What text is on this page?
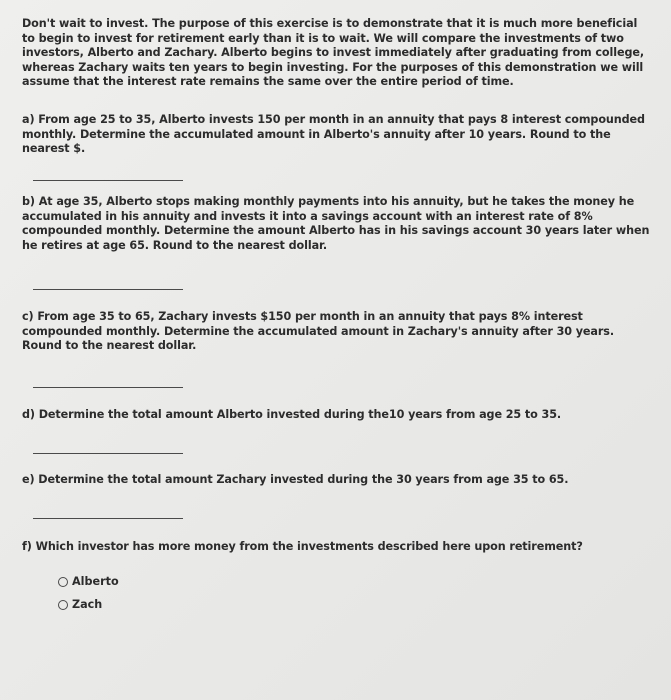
Don't wait to invest. The purpose of this exercise is to demonstrate that it is much more beneficial to begin to invest for retirement early than it is to wait. We will compare the investments of two investors, Alberto and Zachary. Alberto begins to invest immediately after graduating from college, whereas Zachary waits ten years to begin investing. For the purposes of this demonstration we will assume that the interest rate remains the same over the entire period of time.
a) From age 25 to 35, Alberto invests 150 per month in an annuity that pays 8 interest compounded monthly. Determine the accumulated amount in Alberto's annuity after 10 years. Round to the nearest $.
b) At age 35, Alberto stops making monthly payments into his annuity, but he takes the money he accumulated in his annuity and invests it into a savings account with an interest rate of 8% compounded monthly. Determine the amount Alberto has in his savings account 30 years later when he retires at age 65. Round to the nearest dollar.
c) From age 35 to 65, Zachary invests $150 per month in an annuity that pays 8% interest compounded monthly. Determine the accumulated amount in Zachary's annuity after 30 years. Round to the nearest dollar.
d) Determine the total amount Alberto invested during the10 years from age 25 to 35.
e) Determine the total amount Zachary invested during the 30 years from age 35 to 65.
f) Which investor has more money from the investments described here upon retirement?
Alberto
Zach
